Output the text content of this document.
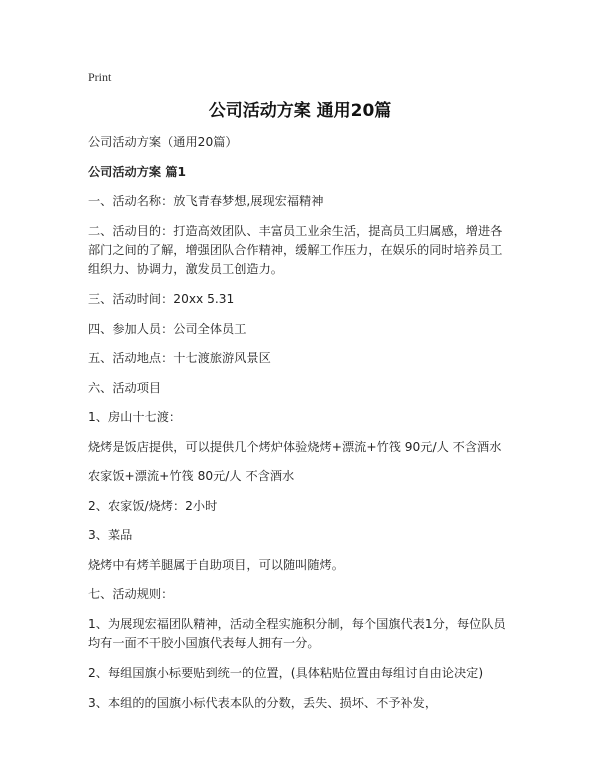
Print

公司活动方案 通用20篇

公司活动方案（通用20篇）

公司活动方案 篇1

一、活动名称：放飞青春梦想,展现宏福精神

二、活动目的：打造高效团队、丰富员工业余生活，提高员工归属感，增进各部门之间的了解，增强团队合作精神，缓解工作压力，在娱乐的同时培养员工组织力、协调力，激发员工创造力。

三、活动时间：20xx 5.31

四、参加人员：公司全体员工

五、活动地点：十七渡旅游风景区

六、活动项目

1、房山十七渡：

烧烤是饭店提供，可以提供几个烤炉体验烧烤+漂流+竹筏 90元/人 不含酒水

农家饭+漂流+竹筏 80元/人 不含酒水

2、农家饭/烧烤：2小时

3、菜品

烧烤中有烤羊腿属于自助项目，可以随叫随烤。

七、活动规则：

1、为展现宏福团队精神，活动全程实施积分制，每个国旗代表1分，每位队员均有一面不干胶小国旗代表每人拥有一分。

2、每组国旗小标要贴到统一的位置，(具体粘贴位置由每组讨自由论决定)

3、本组的的国旗小标代表本队的分数，丢失、损坏、不予补发，
